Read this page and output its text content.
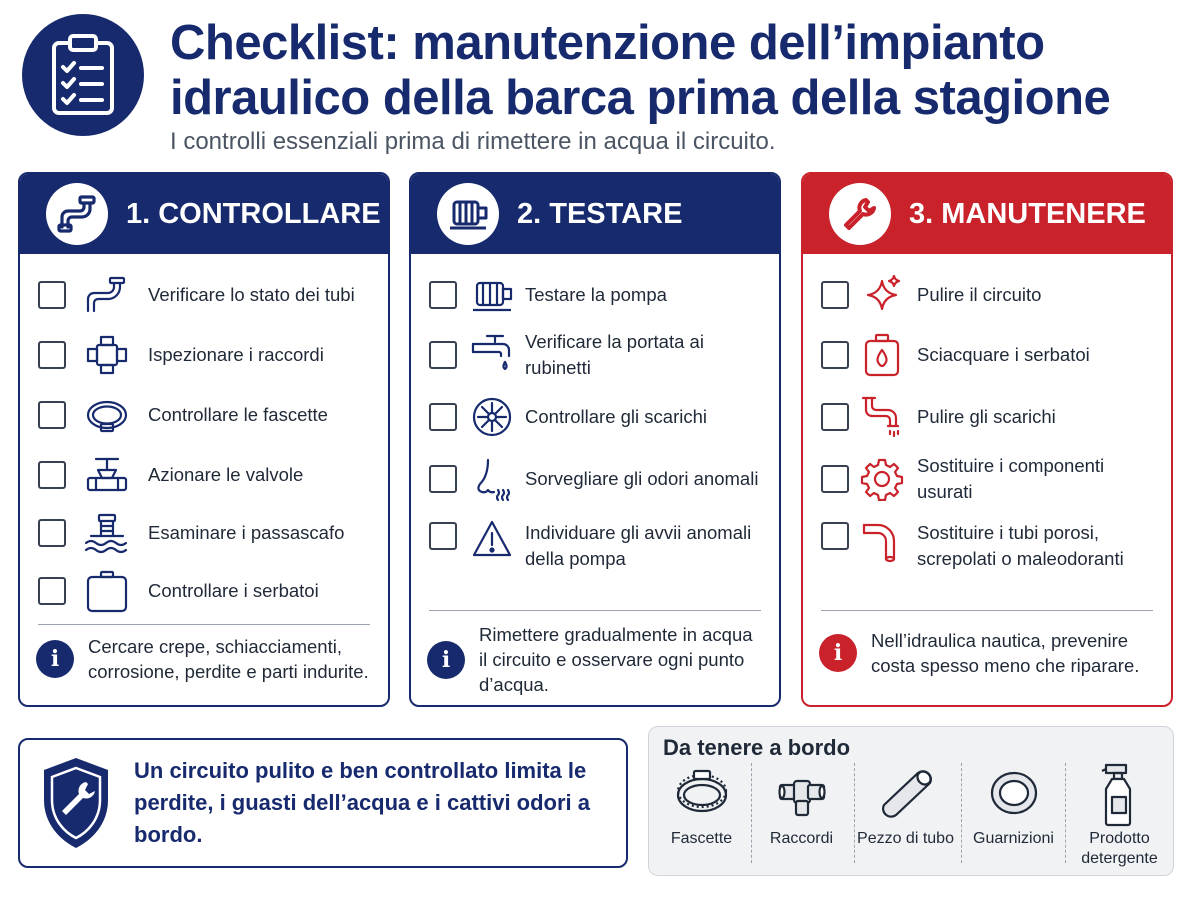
Checklist: manutenzione dell’impianto
idraulico della barca prima della stagione
I controlli essenziali prima di rimettere in acqua il circuito.
1. CONTROLLARE
Verificare lo stato dei tubi
Ispezionare i raccordi
Controllare le fascette
Azionare le valvole
Esaminare i passascafo
Controllare i serbatoi
i	Cercare crepe, schiacciamenti, corrosione, perdite e parti indurite.
2. TESTARE
Testare la pompa
Verificare la portata ai rubinetti
Controllare gli scarichi
Sorvegliare gli odori anomali
Individuare gli avvii anomali della pompa
i
Rimettere gradualmente in acqua il circuito e osservare ogni punto d’acqua.
3. MANUTENERE
Pulire il circuito
Sciacquare i serbatoi
Pulire gli scarichi
Sostituire i componenti usurati
Sostituire i tubi porosi, screpolati o maleodoranti
i	Nell’idraulica nautica, prevenire costa spesso meno che riparare.
Un circuito pulito e ben controllato limita le perdite, i guasti dell’acqua e i cattivi odori a bordo.
Da tenere a bordo
Fascette Raccordi Pezzo di tubo Guarnizioni	Prodotto detergente
